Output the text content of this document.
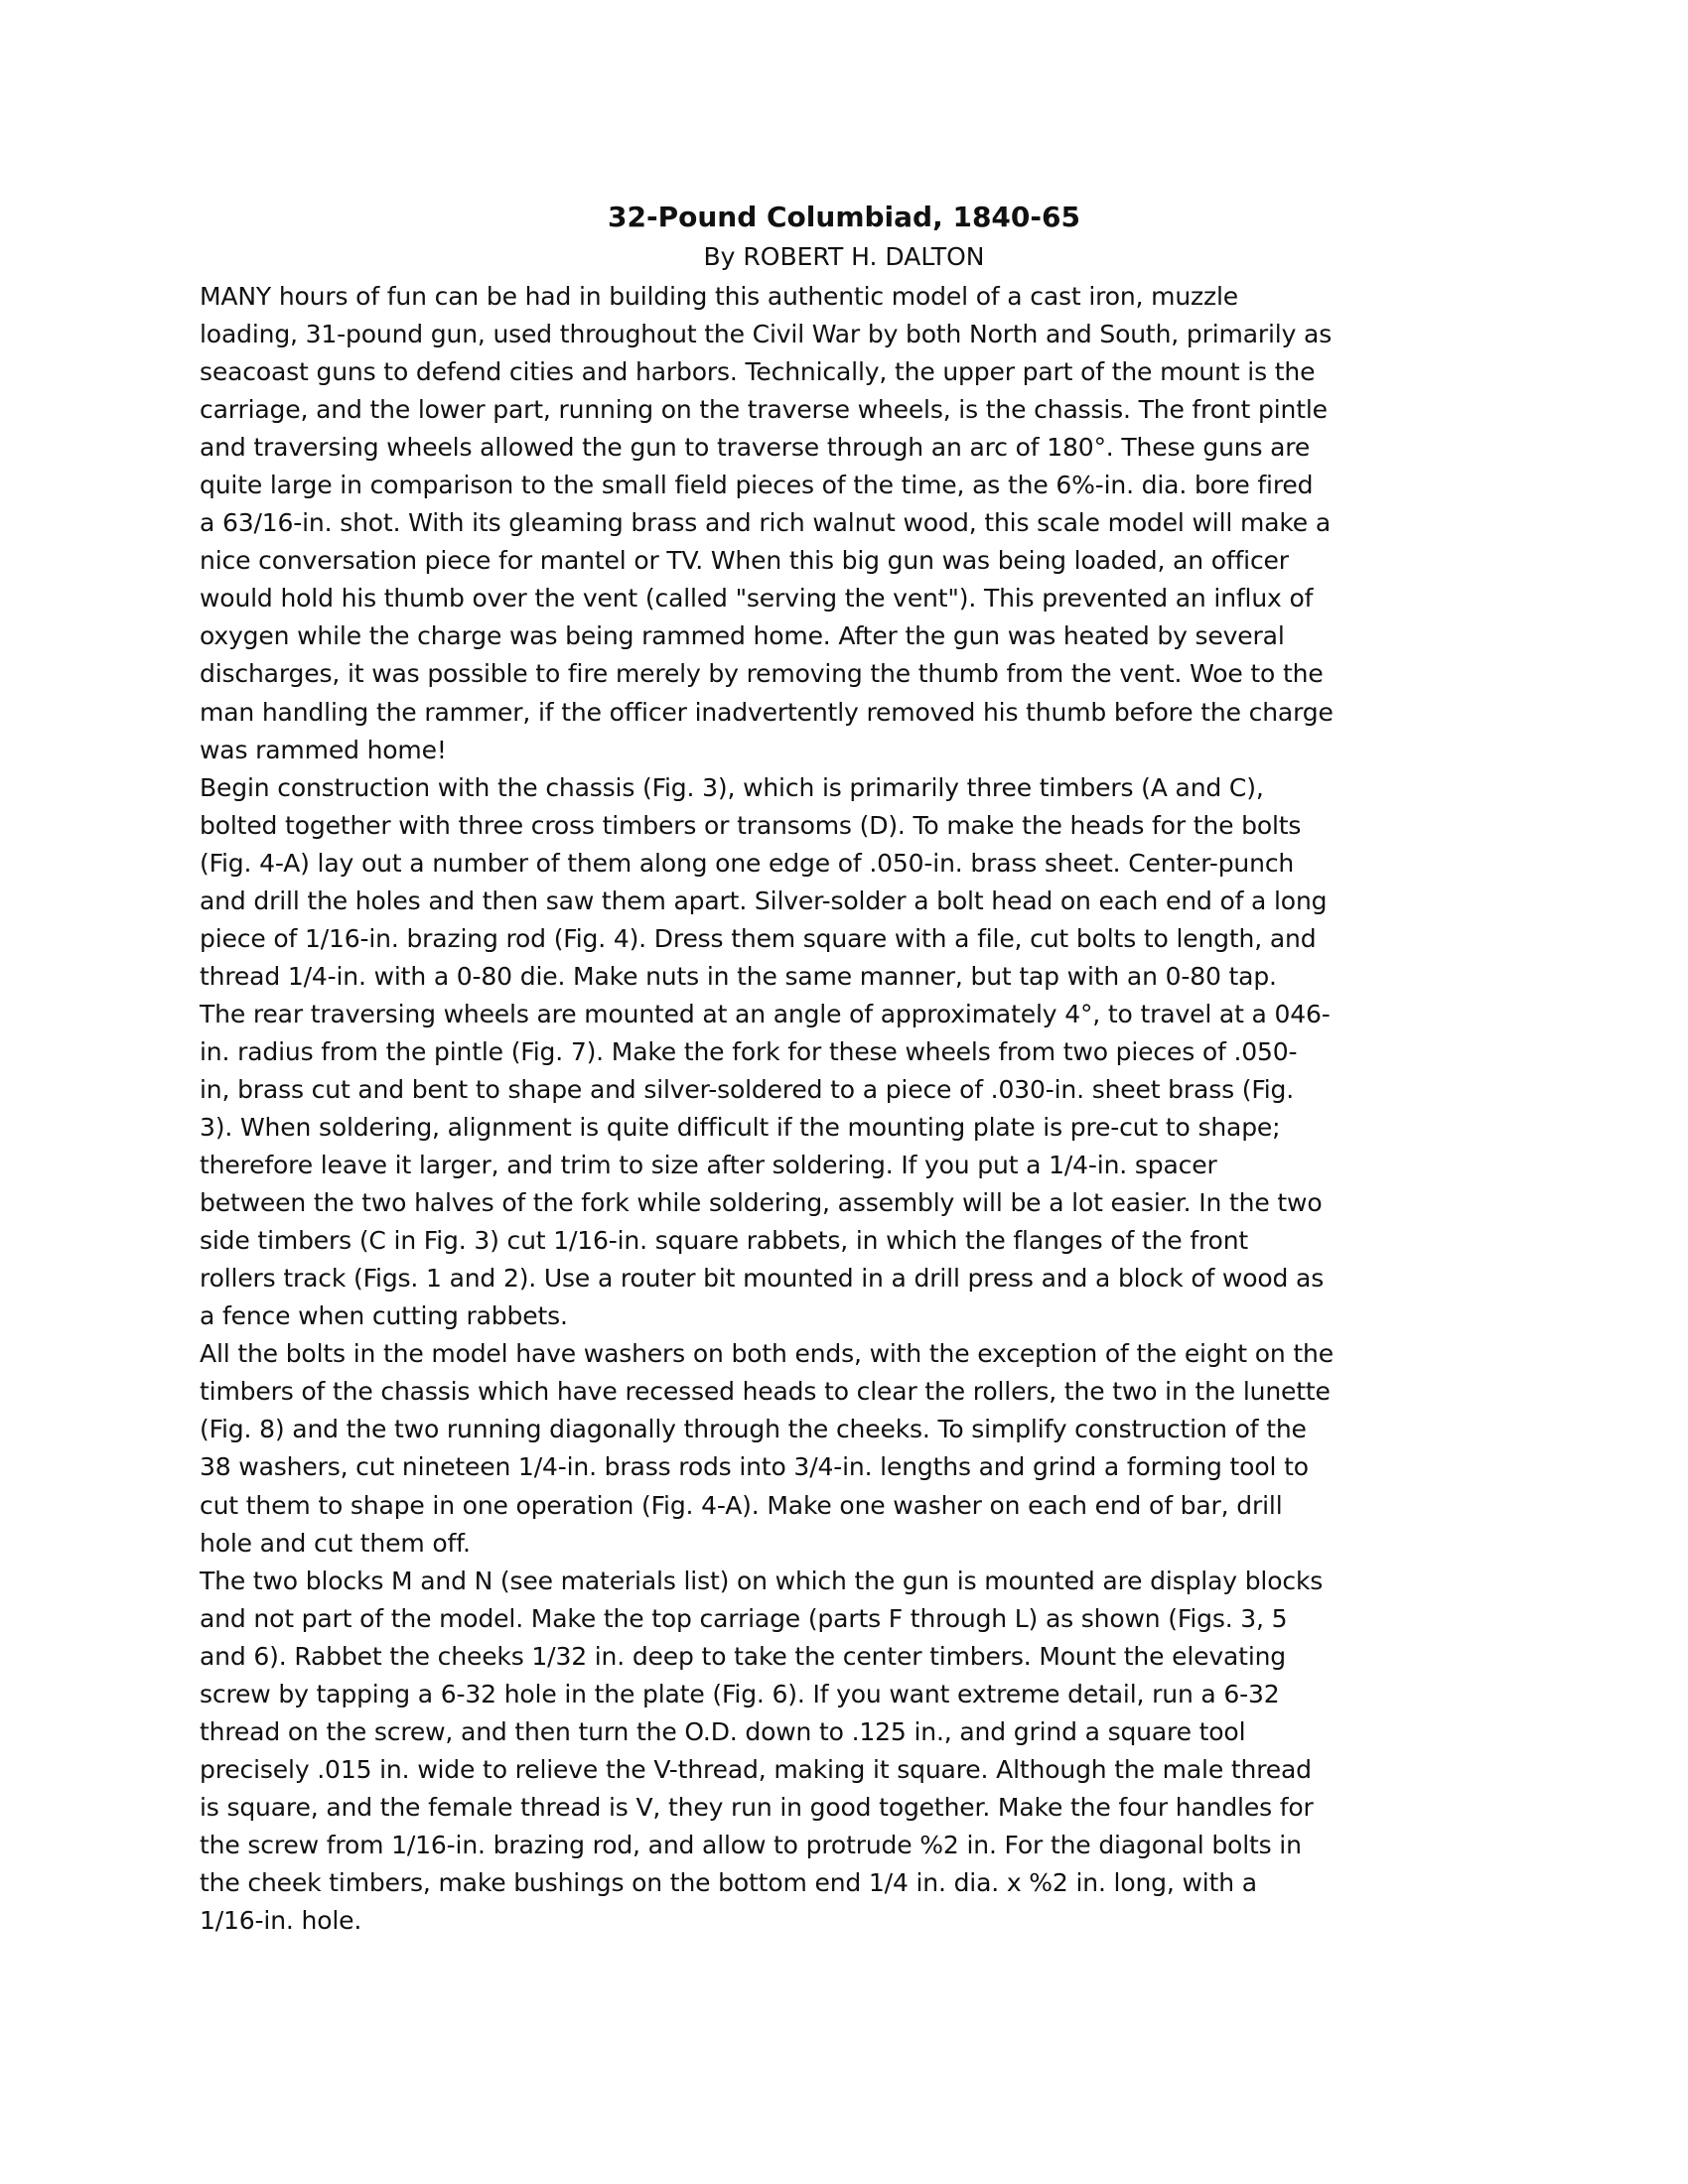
32-Pound Columbiad, 1840-65
By ROBERT H. DALTON
MANY hours of fun can be had in building this authentic model of a cast iron, muzzle
loading, 31-pound gun, used throughout the Civil War by both North and South, primarily as
seacoast guns to defend cities and harbors. Technically, the upper part of the mount is the
carriage, and the lower part, running on the traverse wheels, is the chassis. The front pintle
and traversing wheels allowed the gun to traverse through an arc of 180°. These guns are
quite large in comparison to the small field pieces of the time, as the 6%-in. dia. bore fired
a 63/16-in. shot. With its gleaming brass and rich walnut wood, this scale model will make a
nice conversation piece for mantel or TV. When this big gun was being loaded, an officer
would hold his thumb over the vent (called "serving the vent"). This prevented an influx of
oxygen while the charge was being rammed home. After the gun was heated by several
discharges, it was possible to fire merely by removing the thumb from the vent. Woe to the
man handling the rammer, if the officer inadvertently removed his thumb before the charge
was rammed home!
Begin construction with the chassis (Fig. 3), which is primarily three timbers (A and C),
bolted together with three cross timbers or transoms (D). To make the heads for the bolts
(Fig. 4-A) lay out a number of them along one edge of .050-in. brass sheet. Center-punch
and drill the holes and then saw them apart. Silver-solder a bolt head on each end of a long
piece of 1/16-in. brazing rod (Fig. 4). Dress them square with a file, cut bolts to length, and
thread 1/4-in. with a 0-80 die. Make nuts in the same manner, but tap with an 0-80 tap.
The rear traversing wheels are mounted at an angle of approximately 4°, to travel at a 046-
in. radius from the pintle (Fig. 7). Make the fork for these wheels from two pieces of .050-
in, brass cut and bent to shape and silver-soldered to a piece of .030-in. sheet brass (Fig.
3). When soldering, alignment is quite difficult if the mounting plate is pre-cut to shape;
therefore leave it larger, and trim to size after soldering. If you put a 1/4-in. spacer
between the two halves of the fork while soldering, assembly will be a lot easier. In the two
side timbers (C in Fig. 3) cut 1/16-in. square rabbets, in which the flanges of the front
rollers track (Figs. 1 and 2). Use a router bit mounted in a drill press and a block of wood as
a fence when cutting rabbets.
All the bolts in the model have washers on both ends, with the exception of the eight on the
timbers of the chassis which have recessed heads to clear the rollers, the two in the lunette
(Fig. 8) and the two running diagonally through the cheeks. To simplify construction of the
38 washers, cut nineteen 1/4-in. brass rods into 3/4-in. lengths and grind a forming tool to
cut them to shape in one operation (Fig. 4-A). Make one washer on each end of bar, drill
hole and cut them off.
The two blocks M and N (see materials list) on which the gun is mounted are display blocks
and not part of the model. Make the top carriage (parts F through L) as shown (Figs. 3, 5
and 6). Rabbet the cheeks 1/32 in. deep to take the center timbers. Mount the elevating
screw by tapping a 6-32 hole in the plate (Fig. 6). If you want extreme detail, run a 6-32
thread on the screw, and then turn the O.D. down to .125 in., and grind a square tool
precisely .015 in. wide to relieve the V-thread, making it square. Although the male thread
is square, and the female thread is V, they run in good together. Make the four handles for
the screw from 1/16-in. brazing rod, and allow to protrude %2 in. For the diagonal bolts in
the cheek timbers, make bushings on the bottom end 1/4 in. dia. x %2 in. long, with a
1/16-in. hole.
